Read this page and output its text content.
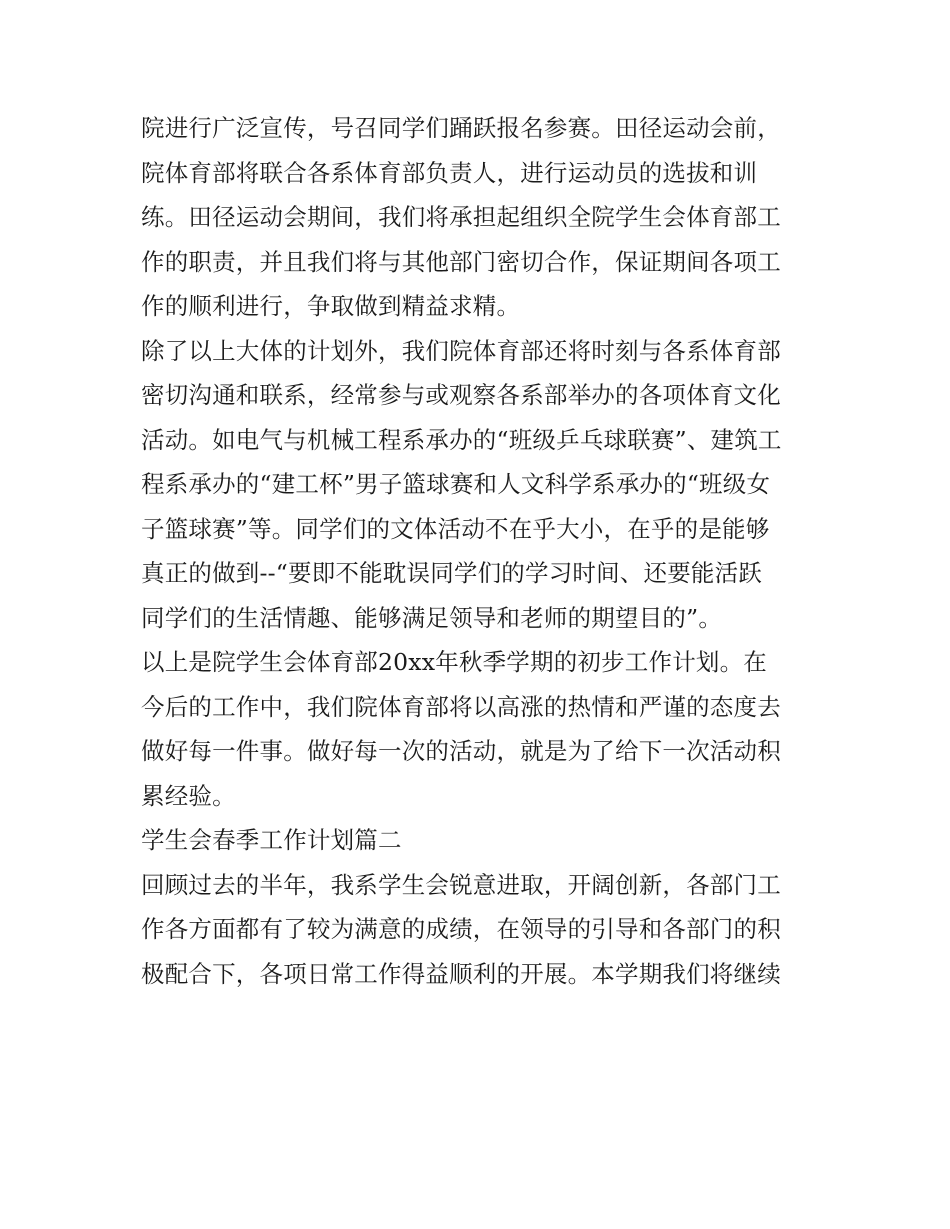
院进行广泛宣传，号召同学们踊跃报名参赛。田径运动会前，
院体育部将联合各系体育部负责人，进行运动员的选拔和训
练。田径运动会期间，我们将承担起组织全院学生会体育部工
作的职责，并且我们将与其他部门密切合作，保证期间各项工
作的顺利进行，争取做到精益求精。
除了以上大体的计划外，我们院体育部还将时刻与各系体育部
密切沟通和联系，经常参与或观察各系部举办的各项体育文化
活动。如电气与机械工程系承办的“班级乒乓球联赛”、建筑工
程系承办的“建工杯”男子篮球赛和人文科学系承办的“班级女
子篮球赛”等。同学们的文体活动不在乎大小，在乎的是能够
真正的做到--“要即不能耽误同学们的学习时间、还要能活跃
同学们的生活情趣、能够满足领导和老师的期望目的”。
以上是院学生会体育部20xx年秋季学期的初步工作计划。在
今后的工作中，我们院体育部将以高涨的热情和严谨的态度去
做好每一件事。做好每一次的活动，就是为了给下一次活动积
累经验。
学生会春季工作计划篇二
回顾过去的半年，我系学生会锐意进取，开阔创新，各部门工
作各方面都有了较为满意的成绩，在领导的引导和各部门的积
极配合下，各项日常工作得益顺利的开展。本学期我们将继续
